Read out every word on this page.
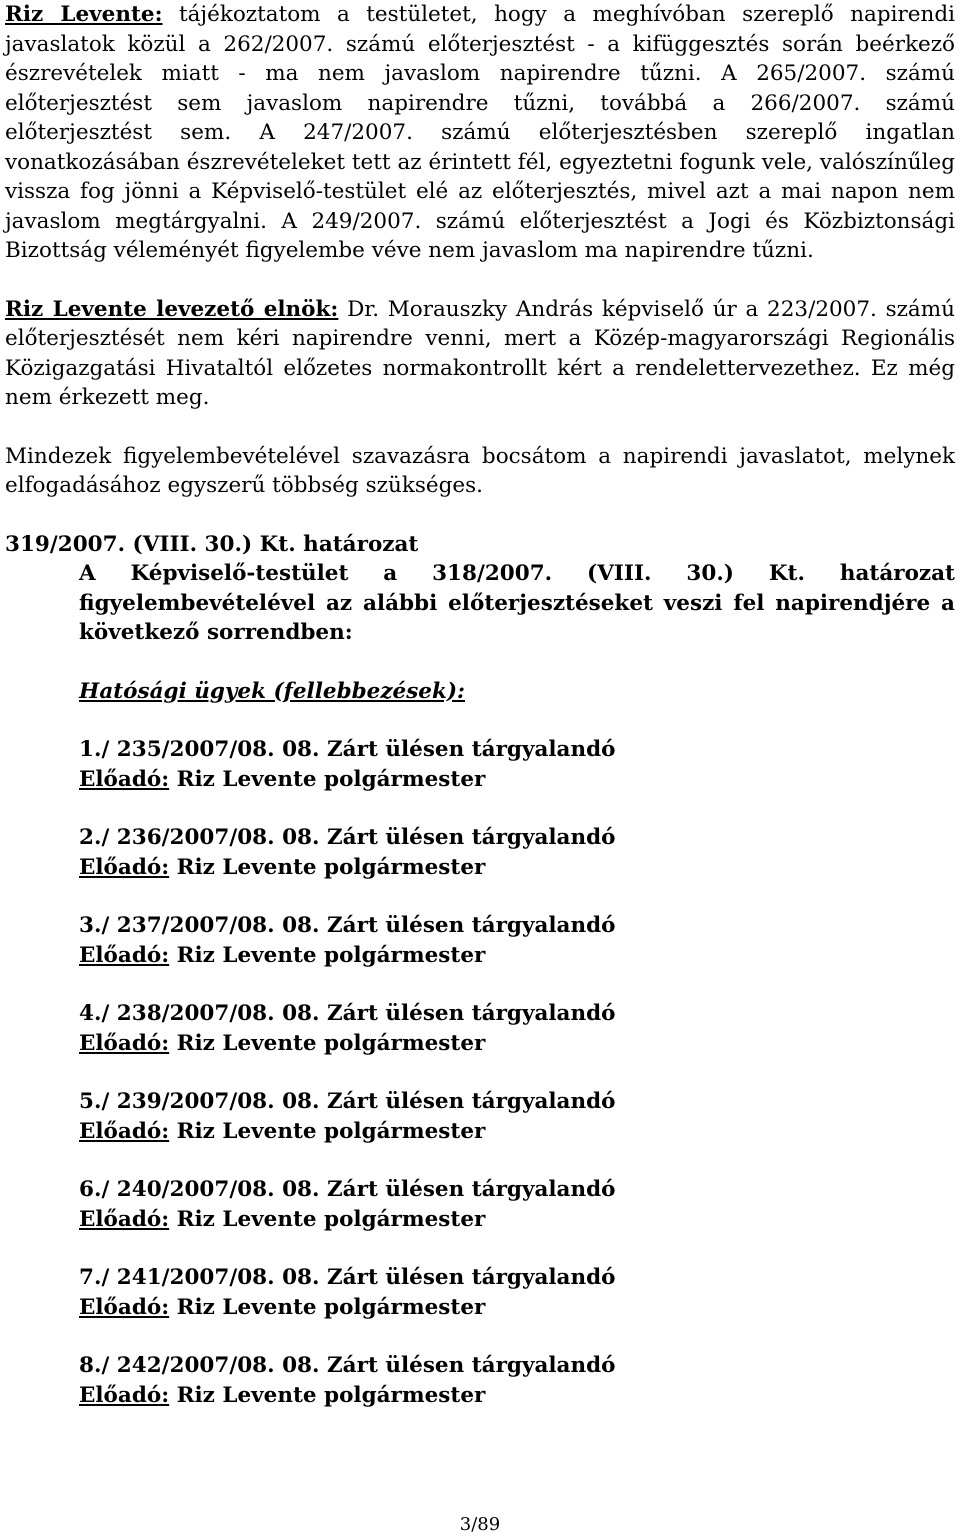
Riz Levente: tájékoztatom a testületet, hogy a meghívóban szereplő napirendi javaslatok közül a 262/2007. számú előterjesztést - a kifüggesztés során beérkező észrevételek miatt - ma nem javaslom napirendre tűzni. A 265/2007. számú előterjesztést sem javaslom napirendre tűzni, továbbá a 266/2007. számú előterjesztést sem. A 247/2007. számú előterjesztésben szereplő ingatlan vonatkozásában észrevételeket tett az érintett fél, egyeztetni fogunk vele, valószínűleg vissza fog jönni a Képviselő-testület elé az előterjesztés, mivel azt a mai napon nem javaslom megtárgyalni. A 249/2007. számú előterjesztést a Jogi és Közbiztonsági Bizottság véleményét figyelembe véve nem javaslom ma napirendre tűzni.

Riz Levente levezető elnök: Dr. Morauszky András képviselő úr a 223/2007. számú előterjesztését nem kéri napirendre venni, mert a Közép-magyarországi Regionális Közigazgatási Hivataltól előzetes normakontrollt kért a rendelettervezethez. Ez még nem érkezett meg.

Mindezek figyelembevételével szavazásra bocsátom a napirendi javaslatot, melynek elfogadásához egyszerű többség szükséges.

319/2007. (VIII. 30.) Kt. határozat

A Képviselő-testület a 318/2007. (VIII. 30.) Kt. határozat figyelembevételével az alábbi előterjesztéseket veszi fel napirendjére a következő sorrendben:

Hatósági ügyek (fellebbezések):
1./ 235/2007/08. 08. Zárt ülésen tárgyalandó
Előadó: Riz Levente polgármester
2./ 236/2007/08. 08. Zárt ülésen tárgyalandó
Előadó: Riz Levente polgármester
3./ 237/2007/08. 08. Zárt ülésen tárgyalandó
Előadó: Riz Levente polgármester
4./ 238/2007/08. 08. Zárt ülésen tárgyalandó
Előadó: Riz Levente polgármester
5./ 239/2007/08. 08. Zárt ülésen tárgyalandó
Előadó: Riz Levente polgármester
6./ 240/2007/08. 08. Zárt ülésen tárgyalandó
Előadó: Riz Levente polgármester
7./ 241/2007/08. 08. Zárt ülésen tárgyalandó
Előadó: Riz Levente polgármester
8./ 242/2007/08. 08. Zárt ülésen tárgyalandó
Előadó: Riz Levente polgármester
3/89
